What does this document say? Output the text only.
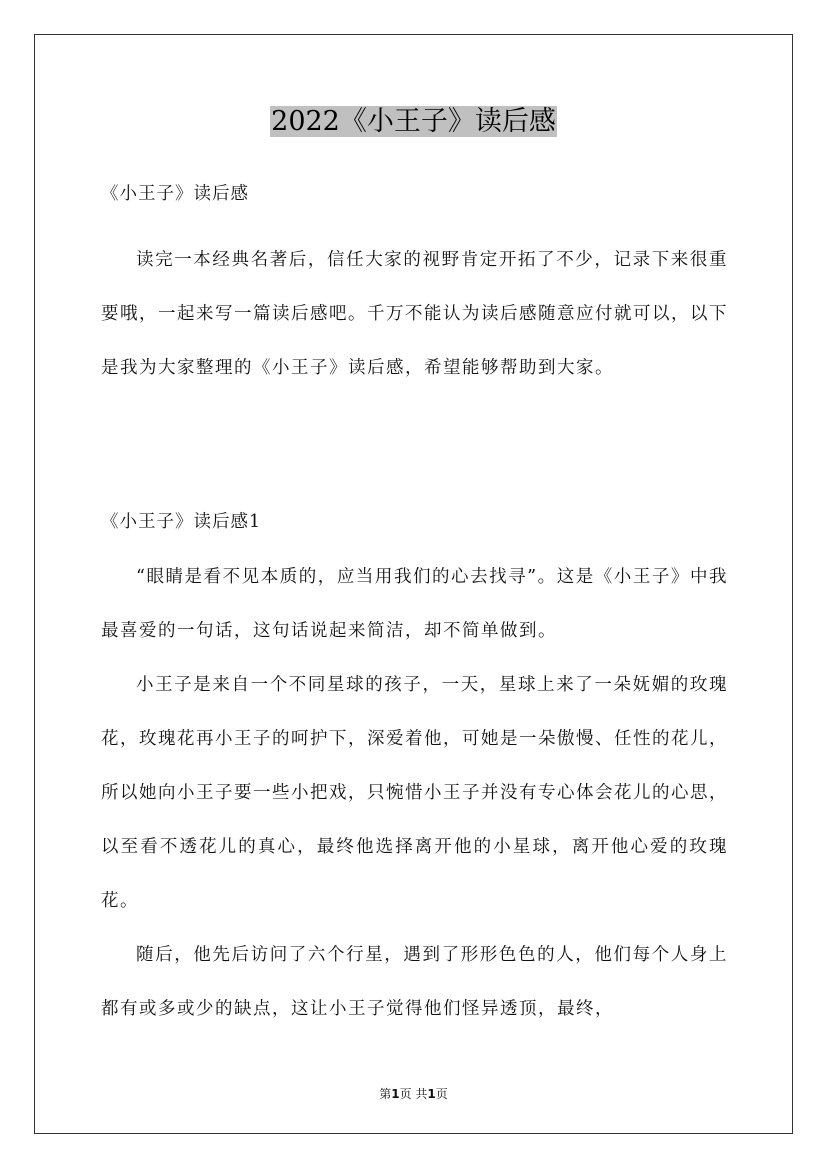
2022《小王子》读后感
《小王子》读后感

读完一本经典名著后，信任大家的视野肯定开拓了不少，记录下来很重要哦，一起来写一篇读后感吧。千万不能认为读后感随意应付就可以，以下是我为大家整理的《小王子》读后感，希望能够帮助到大家。

《小王子》读后感1

“眼睛是看不见本质的，应当用我们的心去找寻”。这是《小王子》中我最喜爱的一句话，这句话说起来简洁，却不简单做到。

小王子是来自一个不同星球的孩子，一天，星球上来了一朵妩媚的玫瑰花，玫瑰花再小王子的呵护下，深爱着他，可她是一朵傲慢、任性的花儿，所以她向小王子要一些小把戏，只惋惜小王子并没有专心体会花儿的心思，以至看不透花儿的真心，最终他选择离开他的小星球，离开他心爱的玫瑰花。

随后，他先后访问了六个行星，遇到了形形色色的人，他们每个人身上都有或多或少的缺点，这让小王子觉得他们怪异透顶，最终，

第1页 共1页
